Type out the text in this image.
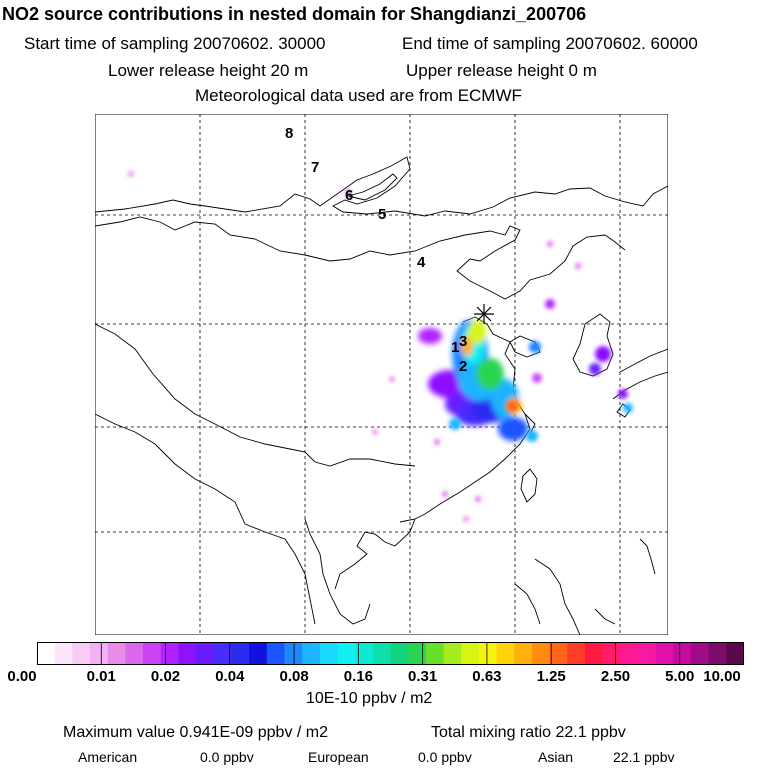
NO2 source contributions in nested domain for Shangdianzi_200706
Start time of sampling 20070602. 30000	End time of sampling 20070602. 60000
Lower release height 20 m	Upper release height 0 m
Meteorological data used are from ECMWF
8
7
6
5
4
3
2
1
0.00	0.01 0.02 0.04 0.08 0.16 0.31 0.63 1.25 2.50 5.00 10.00
10E-10 ppbv / m2
Maximum value 0.941E-09 ppbv / m2	Total mixing ratio 22.1 ppbv
American	0.0 ppbv	European	0.0 ppbv	Asian	22.1 ppbv
